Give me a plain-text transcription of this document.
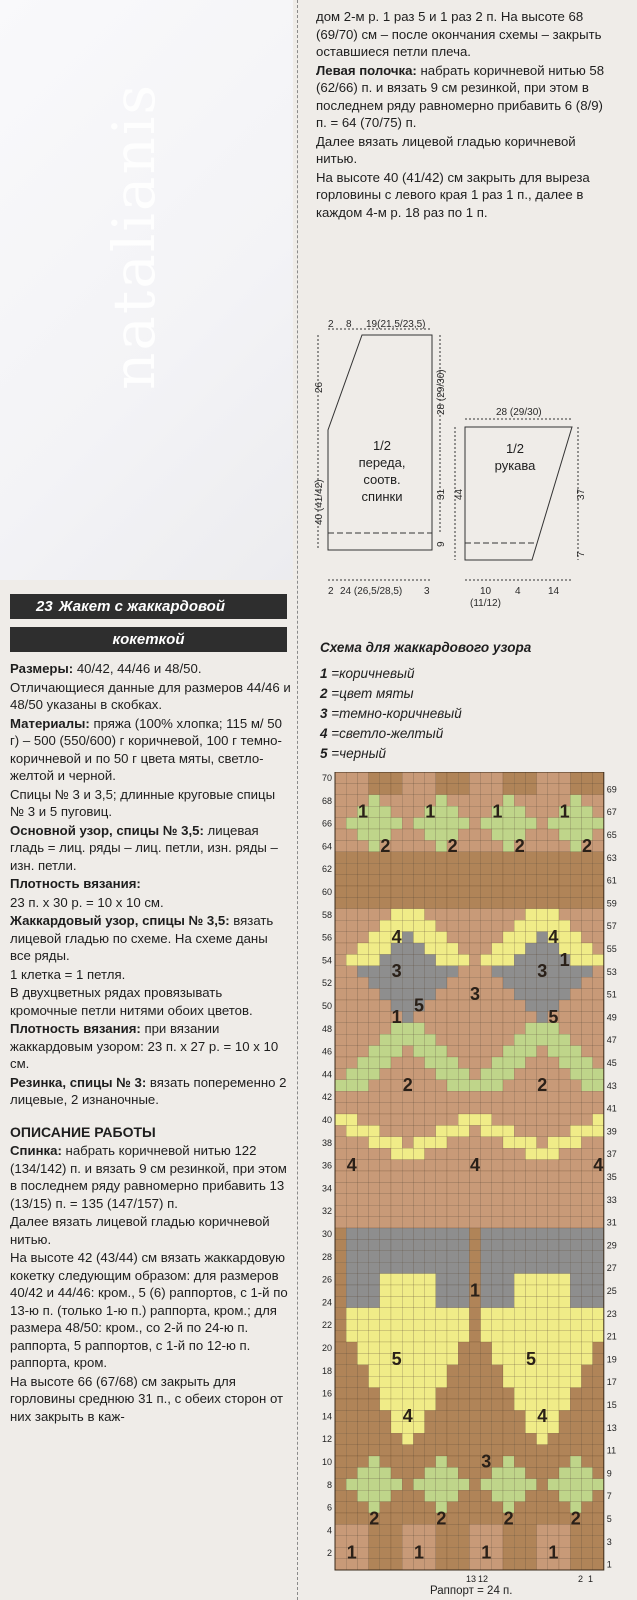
natalianis

дом 2-м р. 1 раз 5 и 1 раз 2 п. На высоте 68 (69/70) см – после окончания схемы – закрыть оставшиеся петли плеча.

Левая полочка: набрать коричневой нитью 58 (62/66) п. и вязать 9 см резинкой, при этом в последнем ряду равномерно прибавить 6 (8/9) п. = 64 (70/75) п.

Далее вязать лицевой гладью коричневой нитью.

На высоте 40 (41/42) см закрыть для выреза горловины с левого края 1 раз 1 п., далее в каждом 4-м р. 18 раз по 1 п.

2 8 19(21,5/23,5)
26	28 (29/30)
31
40 (41/42)
9
2 24 (26,5/28,5) 3
1/2
переда,
соотв.
спинки
28 (29/30)
44	37
7
10 4	14
(11/12)
1/2
рукава
Схема для жаккардового узора
1 =коричневый
2 =цвет мяты
3 =темно-коричневый
4 =светло-желтый
5 =черный
23 Жакет с жаккардовой
кокеткой

Размеры: 40/42, 44/46 и 48/50.

Отличающиеся данные для размеров 44/46 и 48/50 указаны в скобках.

Материалы: пряжа (100% хлопка; 115 м/ 50 г) – 500 (550/600) г коричневой, 100 г темно-коричневой и по 50 г цвета мяты, светло-желтой и черной.

Спицы № 3 и 3,5; длинные круговые спицы № 3 и 5 пуговиц.

Основной узор, спицы № 3,5: лицевая гладь = лиц. ряды – лиц. петли, изн. ряды – изн. петли.

Плотность вязания:

23 п. х 30 р. = 10 х 10 см.

Жаккардовый узор, спицы № 3,5: вязать лицевой гладью по схеме. На схеме даны все ряды.

1 клетка = 1 петля.

В двухцветных рядах провязывать кромочные петли нитями обоих цветов.

Плотность вязания: при вязании жаккардовым узором: 23 п. х 27 р. = 10 х 10 см.

Резинка, спицы № 3: вязать попеременно 2 лицевые, 2 изнаночные.

ОПИСАНИЕ РАБОТЫ

Спинка: набрать коричневой нитью 122 (134/142) п. и вязать 9 см резинкой, при этом в последнем ряду равномерно прибавить 13 (13/15) п. = 135 (147/157) п.

Далее вязать лицевой гладью коричневой нитью.

На высоте 42 (43/44) см вязать жаккардовую кокетку следующим образом: для размеров 40/42 и 44/46: кром., 5 (6) раппортов, с 1-й по 13-ю п. (только 1-ю п.) раппорта, кром.; для размера 48/50: кром., со 2-й по 24-ю п. раппорта, 5 раппортов, с 1-й по 12-ю п. раппорта, кром.

На высоте 66 (67/68) см закрыть для горловины среднюю 31 п., с обеих сторон от них закрыть в каж-

70
68
66
64
62
60
58
56
54
52
50
48
46
44
42
40
38
36
34
32
30
28
26
24
22
20
18
16
14
12
10
8
6
4
2
69
67
65
63
61
59
57
55
53
51
49
47
45
43
41
39
37
35
33
31
29
27
25
23
21
19
17
15
13
11
9
7
5
3
1
1	1	1	1
2	2	2	2
3
1
2	2
4	4	4
5	5
4	4
3
2	2	2	2
1	1	1	1
4	4
3	3
5
5
1
1
Раппорт = 24 п.
13 12	2 1
